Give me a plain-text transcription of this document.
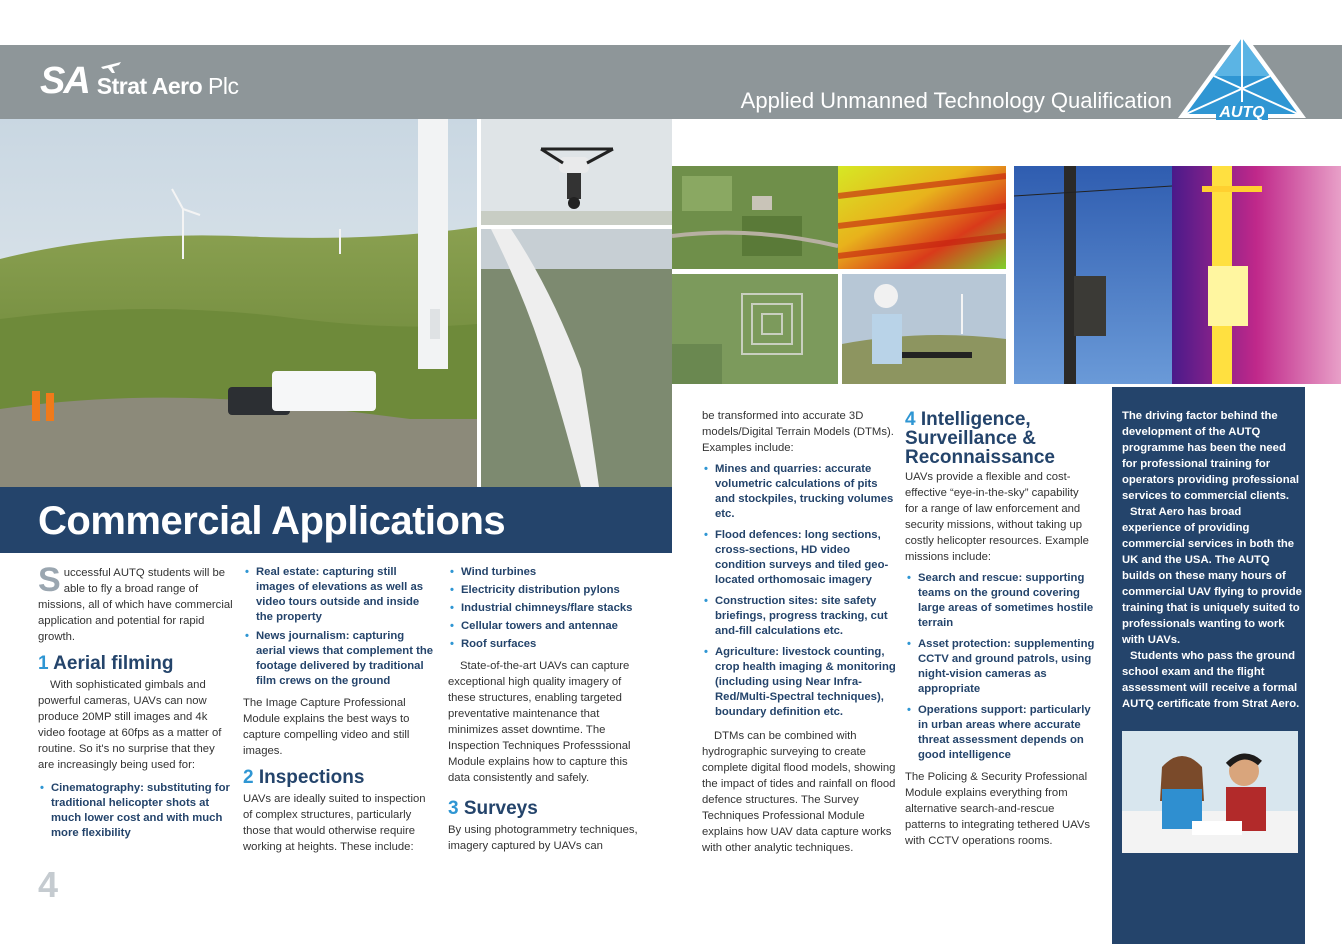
SA Strat Aero Plc
Applied Unmanned Technology Qualification	AUTQ
Commercial Applications

Successful AUTQ students will be able to fly a broad range of missions, all of which have commercial application and potential for rapid growth.

1 Aerial filming

With sophisticated gimbals and powerful cameras, UAVs can now produce 20MP still images and 4k video footage at 60fps as a matter of routine. So it's no surprise that they are increasingly being used for:

• Cinematography: substituting for traditional helicopter shots at much lower cost and with much more flexibility
• Real estate: capturing still images of elevations as well as video tours outside and inside the property
• News journalism: capturing aerial views that complement the footage delivered by traditional film crews on the ground

The Image Capture Professional Module explains the best ways to capture compelling video and still images.

2 Inspections

UAVs are ideally suited to inspection of complex structures, particularly those that would otherwise require working at heights. These include:

• Wind turbines
• Electricity distribution pylons
• Industrial chimneys/flare stacks
• Cellular towers and antennae
• Roof surfaces

State-of-the-art UAVs can capture exceptional high quality imagery of these structures, enabling targeted preventative maintenance that minimizes asset downtime. The Inspection Techniques Professsional Module explains how to capture this data consistently and safely.

3 Surveys

By using photogrammetry techniques, imagery captured by UAVs can

be transformed into accurate 3D models/Digital Terrain Models (DTMs). Examples include:

• Mines and quarries: accurate volumetric calculations of pits and stockpiles, trucking volumes etc.
• Flood defences: long sections, cross-sections, HD video condition surveys and tiled geo-located orthomosaic imagery
• Construction sites: site safety briefings, progress tracking, cut and-fill calculations etc.
• Agriculture: livestock counting, crop health imaging & monitoring (including using Near Infra-Red/Multi-Spectral techniques), boundary definition etc.

DTMs can be combined with hydrographic surveying to create complete digital flood models, showing the impact of tides and rainfall on flood defence structures. The Survey Techniques Professional Module explains how UAV data capture works with other analytic techniques.

4 Intelligence,
Surveillance &
Reconnaissance

UAVs provide a flexible and cost-effective “eye-in-the-sky” capability for a range of law enforcement and security missions, without taking up costly helicopter resources. Example missions include:

• Search and rescue: supporting teams on the ground covering large areas of sometimes hostile terrain
• Asset protection: supplementing CCTV and ground patrols, using night-vision cameras as appropriate
• Operations support: particularly in urban areas where accurate threat assessment depends on good intelligence

The Policing & Security Professional Module explains everything from alternative search-and-rescue patterns to integrating tethered UAVs with CCTV operations rooms.

The driving factor behind the development of the AUTQ programme has been the need for professional training for operators providing professional services to commercial clients.

Strat Aero has broad experience of providing commercial services in both the UK and the USA. The AUTQ builds on these many hours of commercial UAV flying to provide training that is uniquely suited to professionals wanting to work with UAVs.

Students who pass the ground school exam and the flight assessment will receive a formal AUTQ certificate from Strat Aero.

4
